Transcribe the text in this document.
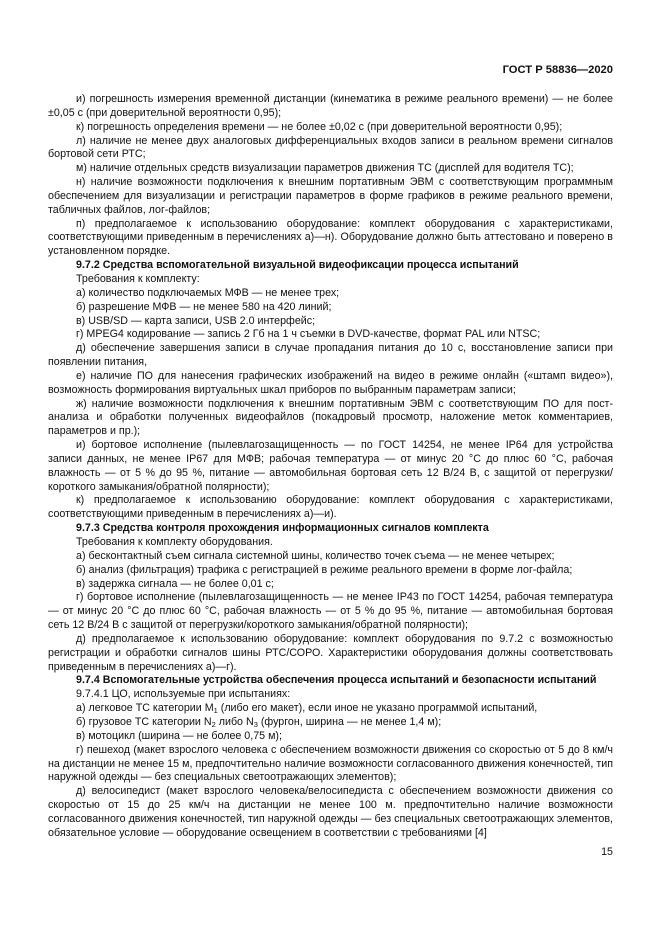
ГОСТ Р 58836—2020

и) погрешность измерения временной дистанции (кинематика в режиме реального времени) — не более ±0,05 с (при доверительной вероятности 0,95);

к) погрешность определения времени — не более ±0,02 с (при доверительной вероятности 0,95);

л) наличие не менее двух аналоговых дифференциальных входов записи в реальном времени сигналов бортовой сети РТС;

м) наличие отдельных средств визуализации параметров движения ТС (дисплей для водителя ТС);

н) наличие возможности подключения к внешним портативным ЭВМ с соответствующим программным обеспечением для визуализации и регистрации параметров в форме графиков в режиме реального времени, табличных файлов, лог-файлов;

п) предполагаемое к использованию оборудование: комплект оборудования с характеристиками, соответствующими приведенным в перечислениях а)—н). Оборудование должно быть аттестовано и поверено в установленном порядке.

9.7.2 Средства вспомогательной визуальной видеофиксации процесса испытаний

Требования к комплекту:

а) количество подключаемых МФВ — не менее трех;

б) разрешение МФВ — не менее 580 на 420 линий;

в) USB/SD — карта записи, USB 2.0 интерфейс;

г) MPEG4 кодирование — запись 2 Гб на 1 ч съемки в DVD-качестве, формат PAL или NTSC;

д) обеспечение завершения записи в случае пропадания питания до 10 с, восстановление записи при появлении питания,

е) наличие ПО для нанесения графических изображений на видео в режиме онлайн («штамп видео»), возможность формирования виртуальных шкал приборов по выбранным параметрам записи;

ж) наличие возможности подключения к внешним портативным ЭВМ с соответствующим ПО для пост-анализа и обработки полученных видеофайлов (покадровый просмотр, наложение меток комментариев, параметров и пр.);

и) бортовое исполнение (пылевлагозащищенность — по ГОСТ 14254, не менее IP64 для устройства записи данных, не менее IP67 для МФВ; рабочая температура — от минус 20 °С до плюс 60 °С, рабочая влажность — от 5 % до 95 %, питание — автомобильная бортовая сеть 12 В/24 В, с защитой от перегрузки/короткого замыкания/обратной полярности);

к) предполагаемое к использованию оборудование: комплект оборудования с характеристиками, соответствующими приведенным в перечислениях а)—и).

9.7.3 Средства контроля прохождения информационных сигналов комплекта

Требования к комплекту оборудования.

а) бесконтактный съем сигнала системной шины, количество точек съема — не менее четырех;

б) анализ (фильтрация) трафика с регистрацией в режиме реального времени в форме лог-файла;

в) задержка сигнала — не более 0,01 с;

г) бортовое исполнение (пылевлагозащищенность — не менее IP43 по ГОСТ 14254, рабочая температура — от минус 20 °С до плюс 60 °С, рабочая влажность — от 5 % до 95 %, питание — автомобильная бортовая сеть 12 В/24 В с защитой от перегрузки/короткого замыкания/обратной полярности);

д) предполагаемое к использованию оборудование: комплект оборудования по 9.7.2 с возможностью регистрации и обработки сигналов шины РТС/СОРО. Характеристики оборудования должны соответствовать приведенным в перечислениях а)—г).

9.7.4 Вспомогательные устройства обеспечения процесса испытаний и безопасности испытаний

9.7.4.1 ЦО, используемые при испытаниях:

а) легковое ТС категории $M_1$ (либо его макет), если иное не указано программой испытаний,

б) грузовое ТС категории $N_2$ либо $N_3$ (фургон, ширина — не менее 1,4 м);

в) мотоцикл (ширина — не более 0,75 м);

г) пешеход (макет взрослого человека с обеспечением возможности движения со скоростью от 5 до 8 км/ч на дистанции не менее 15 м, предпочтительно наличие возможности согласованного движения конечностей, тип наружной одежды — без специальных светоотражающих элементов);

д) велосипедист (макет взрослого человека/велосипедиста с обеспечением возможности движения со скоростью от 15 до 25 км/ч на дистанции не менее 100 м. предпочтительно наличие возможности согласованного движения конечностей, тип наружной одежды — без специальных светоотражающих элементов, обязательное условие — оборудование освещением в соответствии с требованиями [4]

15
